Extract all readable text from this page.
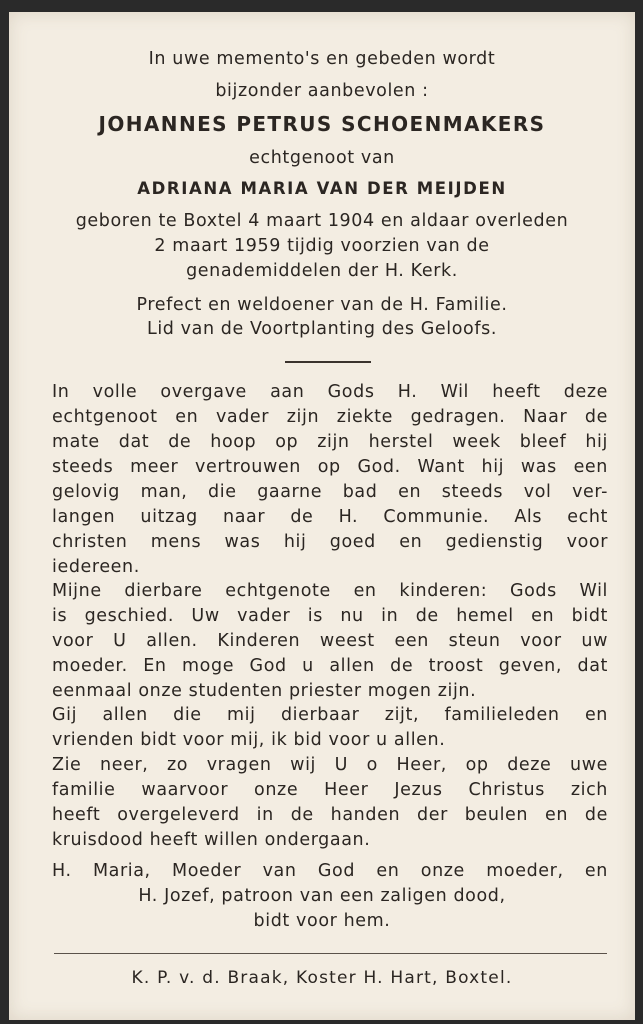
In uwe memento's en gebeden wordt
bijzonder aanbevolen :
JOHANNES PETRUS SCHOENMAKERS
echtgenoot van
ADRIANA MARIA VAN DER MEIJDEN
geboren te Boxtel 4 maart 1904 en aldaar overleden
2 maart 1959 tijdig voorzien van de
genademiddelen der H. Kerk.
Prefect en weldoener van de H. Familie.
Lid van de Voortplanting des Geloofs.
In volle overgave aan Gods H. Wil heeft deze
echtgenoot en vader zijn ziekte gedragen. Naar de
mate dat de hoop op zijn herstel week bleef hij
steeds meer vertrouwen op God. Want hij was een
gelovig man, die gaarne bad en steeds vol ver-
langen uitzag naar de H. Communie. Als echt
christen mens was hij goed en gedienstig voor
iedereen.
Mijne dierbare echtgenote en kinderen: Gods Wil
is geschied. Uw vader is nu in de hemel en bidt
voor U allen. Kinderen weest een steun voor uw
moeder. En moge God u allen de troost geven, dat
eenmaal onze studenten priester mogen zijn.
Gij allen die mij dierbaar zijt, familieleden en
vrienden bidt voor mij, ik bid voor u allen.
Zie neer, zo vragen wij U o Heer, op deze uwe
familie waarvoor onze Heer Jezus Christus zich
heeft overgeleverd in de handen der beulen en de
kruisdood heeft willen ondergaan.
H. Maria, Moeder van God en onze moeder, en
H. Jozef, patroon van een zaligen dood,
bidt voor hem.
K. P. v. d. Braak, Koster H. Hart, Boxtel.
